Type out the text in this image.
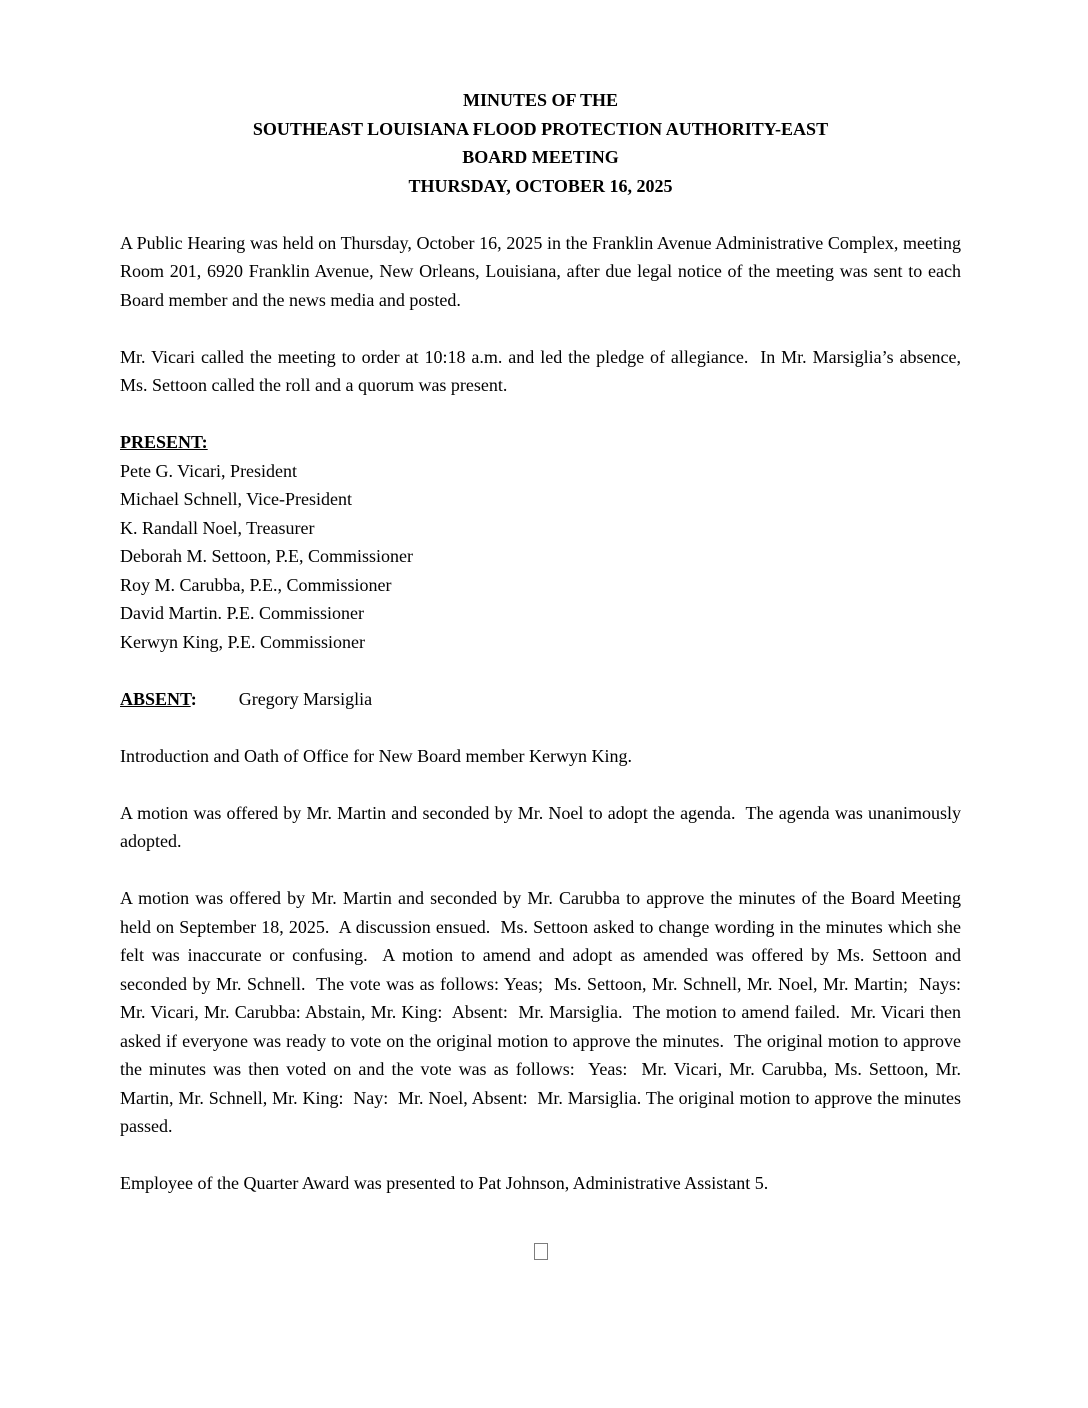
MINUTES OF THE
SOUTHEAST LOUISIANA FLOOD PROTECTION AUTHORITY-EAST
BOARD MEETING
THURSDAY, OCTOBER 16, 2025

A Public Hearing was held on Thursday, October 16, 2025 in the Franklin Avenue Administrative Complex, meeting Room 201, 6920 Franklin Avenue, New Orleans, Louisiana, after due legal notice of the meeting was sent to each Board member and the news media and posted.

Mr. Vicari called the meeting to order at 10:18 a.m. and led the pledge of allegiance.  In Mr. Marsiglia’s absence, Ms. Settoon called the roll and a quorum was present.

PRESENT:
Pete G. Vicari, President
Michael Schnell, Vice-President
K. Randall Noel, Treasurer
Deborah M. Settoon, P.E, Commissioner
Roy M. Carubba, P.E., Commissioner
David Martin. P.E. Commissioner
Kerwyn King, P.E. Commissioner
ABSENT: Gregory Marsiglia

Introduction and Oath of Office for New Board member Kerwyn King.

A motion was offered by Mr. Martin and seconded by Mr. Noel to adopt the agenda.  The agenda was unanimously adopted.

A motion was offered by Mr. Martin and seconded by Mr. Carubba to approve the minutes of the Board Meeting held on September 18, 2025.  A discussion ensued.  Ms. Settoon asked to change wording in the minutes which she felt was inaccurate or confusing.  A motion to amend and adopt as amended was offered by Ms. Settoon and seconded by Mr. Schnell.  The vote was as follows: Yeas;  Ms. Settoon, Mr. Schnell, Mr. Noel, Mr. Martin;  Nays:  Mr. Vicari, Mr. Carubba: Abstain, Mr. King:  Absent:  Mr. Marsiglia.  The motion to amend failed.  Mr. Vicari then asked if everyone was ready to vote on the original motion to approve the minutes.  The original motion to approve the minutes was then voted on and the vote was as follows:  Yeas:  Mr. Vicari, Mr. Carubba, Ms. Settoon, Mr. Martin, Mr. Schnell, Mr. King:  Nay:  Mr. Noel, Absent:  Mr. Marsiglia. The original motion to approve the minutes passed.

Employee of the Quarter Award was presented to Pat Johnson, Administrative Assistant 5.
